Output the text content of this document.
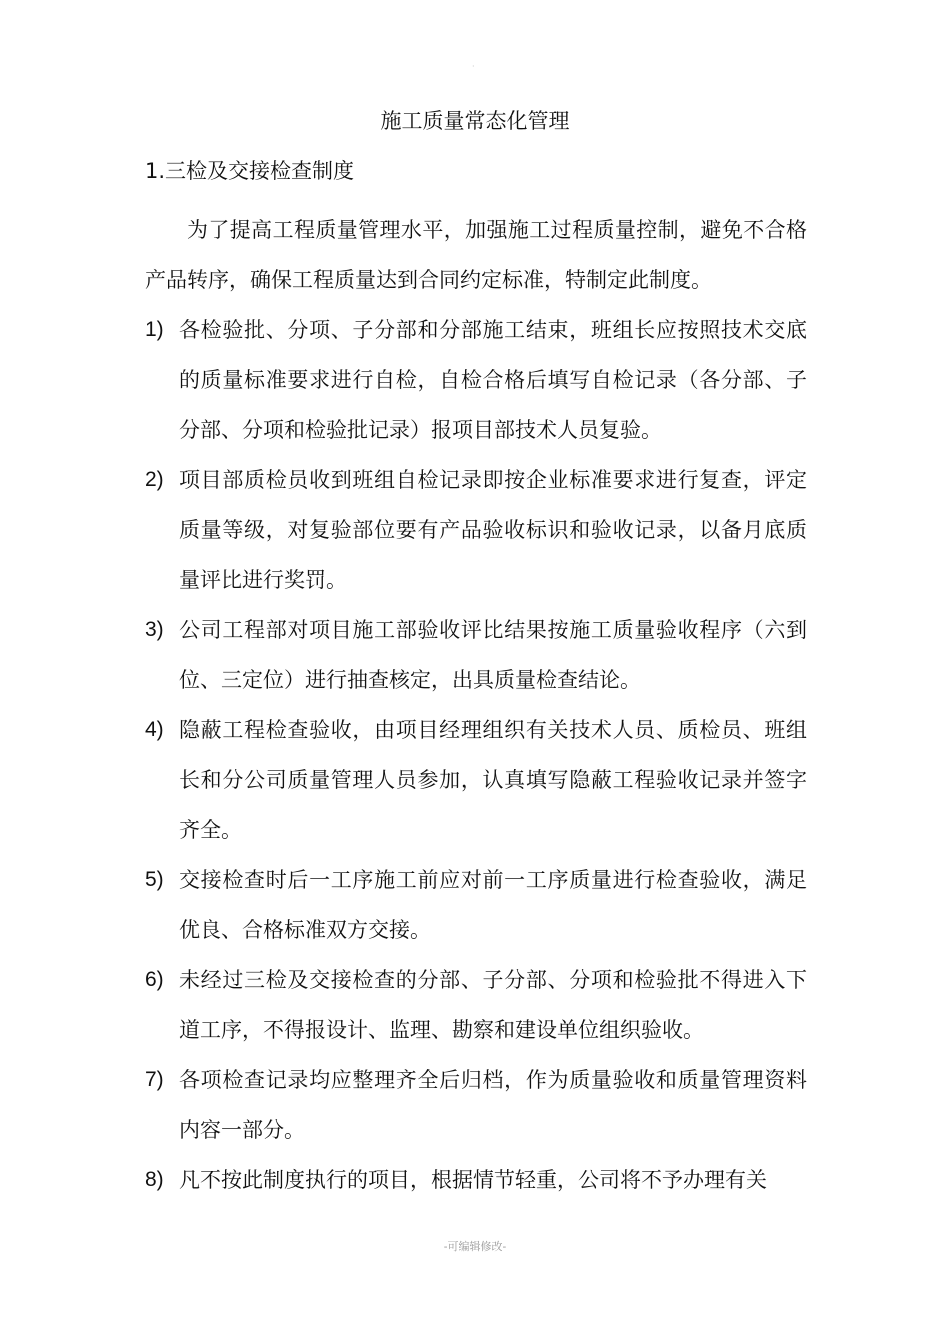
·
施工质量常态化管理
1.三检及交接检查制度
为了提高工程质量管理水平，加强施工过程质量控制，避免不合格产品转序，确保工程质量达到合同约定标准，特制定此制度。
1) 各检验批、分项、子分部和分部施工结束，班组长应按照技术交底的质量标准要求进行自检，自检合格后填写自检记录（各分部、子分部、分项和检验批记录）报项目部技术人员复验。
2) 项目部质检员收到班组自检记录即按企业标准要求进行复查，评定质量等级，对复验部位要有产品验收标识和验收记录，以备月底质量评比进行奖罚。
3) 公司工程部对项目施工部验收评比结果按施工质量验收程序（六到位、三定位）进行抽查核定，出具质量检查结论。
4) 隐蔽工程检查验收，由项目经理组织有关技术人员、质检员、班组长和分公司质量管理人员参加，认真填写隐蔽工程验收记录并签字齐全。
5) 交接检查时后一工序施工前应对前一工序质量进行检查验收，满足优良、合格标准双方交接。
6) 未经过三检及交接检查的分部、子分部、分项和检验批不得进入下道工序，不得报设计、监理、勘察和建设单位组织验收。
7) 各项检查记录均应整理齐全后归档，作为质量验收和质量管理资料内容一部分。
8) 凡不按此制度执行的项目，根据情节轻重，公司将不予办理有关
-可编辑修改-
